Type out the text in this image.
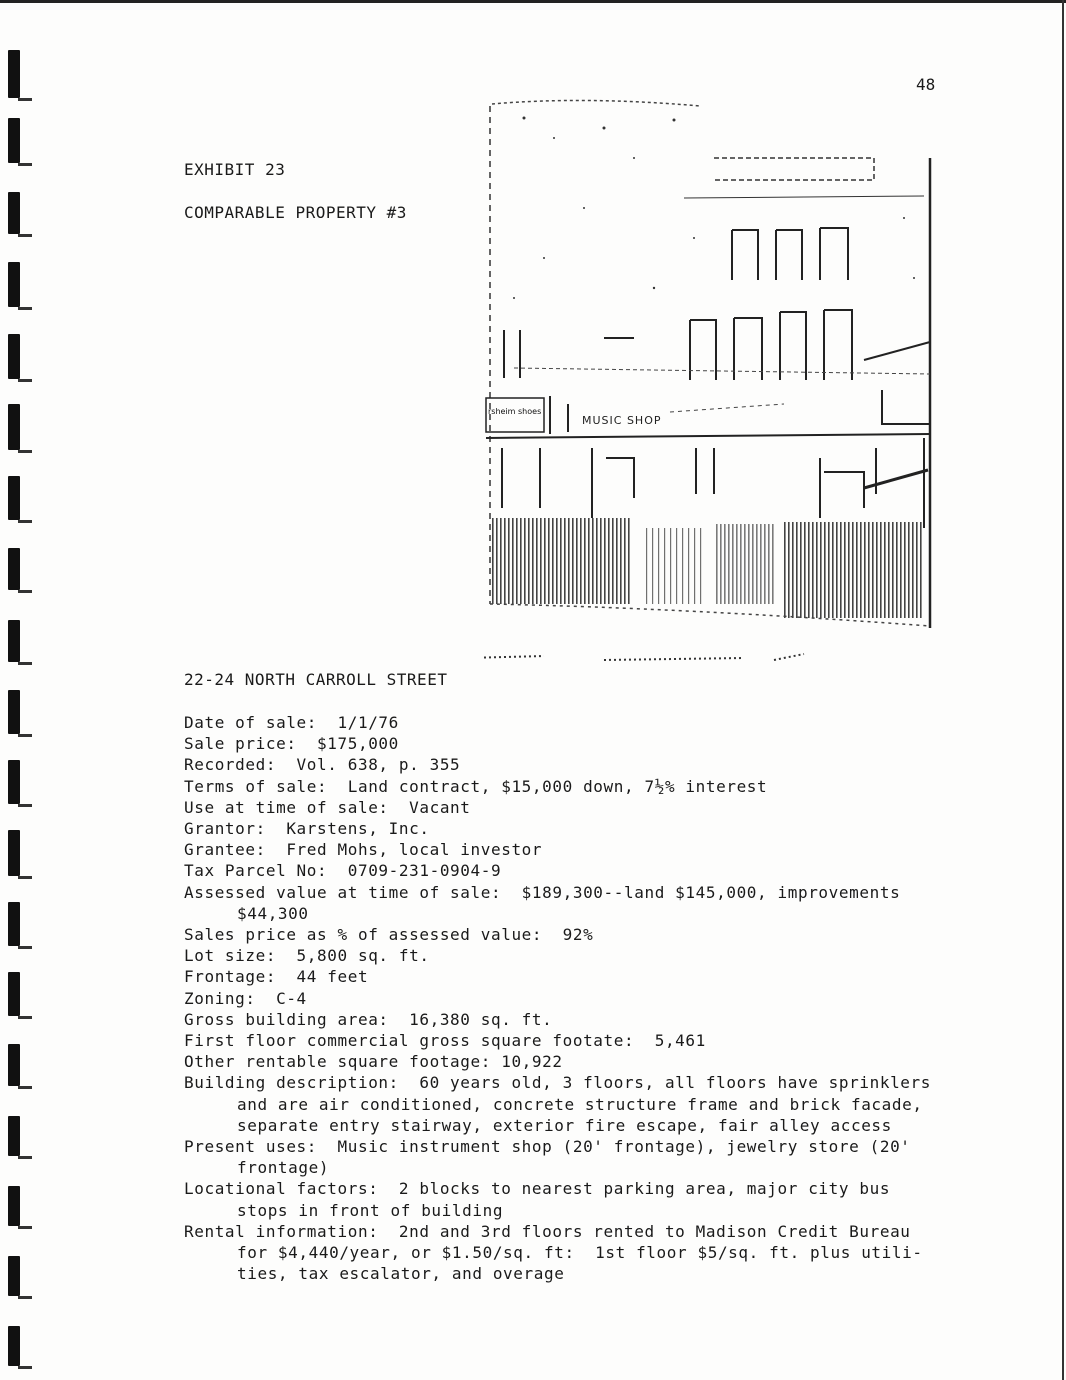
48
EXHIBIT 23
COMPARABLE PROPERTY #3
rsheim shoes
MUSIC SHOP
22-24 NORTH CARROLL STREET
Date of sale:  1/1/76
Sale price:  $175,000
Recorded:  Vol. 638, p. 355
Terms of sale:  Land contract, $15,000 down, 7½% interest
Use at time of sale:  Vacant
Grantor:  Karstens, Inc.
Grantee:  Fred Mohs, local investor
Tax Parcel No:  0709-231-0904-9
Assessed value at time of sale:  $189,300--land $145,000, improvements
$44,300
Sales price as % of assessed value:  92%
Lot size:  5,800 sq. ft.
Frontage:  44 feet
Zoning:  C-4
Gross building area:  16,380 sq. ft.
First floor commercial gross square footate:  5,461
Other rentable square footage: 10,922
Building description:  60 years old, 3 floors, all floors have sprinklers
and are air conditioned, concrete structure frame and brick facade,
separate entry stairway, exterior fire escape, fair alley access
Present uses:  Music instrument shop (20' frontage), jewelry store (20'
frontage)
Locational factors:  2 blocks to nearest parking area, major city bus
stops in front of building
Rental information:  2nd and 3rd floors rented to Madison Credit Bureau
for $4,440/year, or $1.50/sq. ft:  1st floor $5/sq. ft. plus utili-
ties, tax escalator, and overage
